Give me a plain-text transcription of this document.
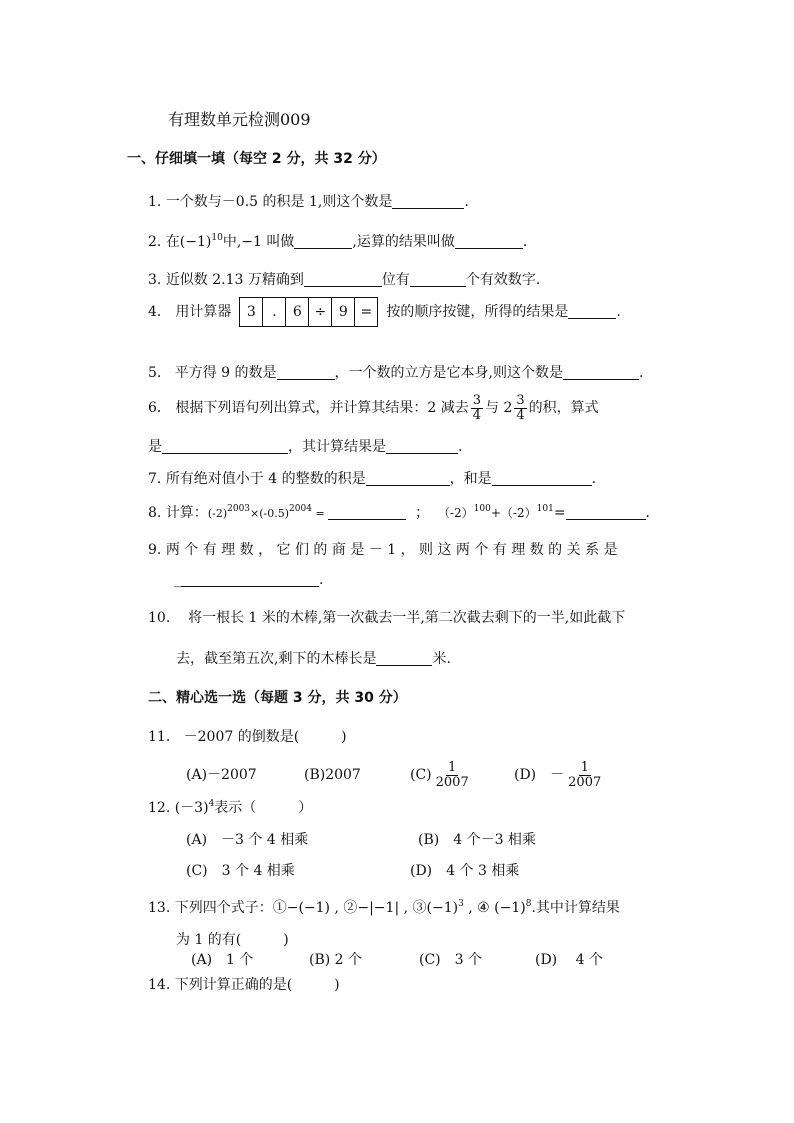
有理数单元检测009
一、仔细填一填（每空 2 分，共 32 分）
1. 一个数与－0.5 的积是 1,则这个数是	.
2. 在$(-1)^{10}$中,−1 叫做	,运算的结果叫做	.
3. 近似数 2.13 万精确到	位有	个有效数字.
4． 用计算器	3	.	6 ÷ 9 =	按的顺序按键，所得的结果是	.
5. 平方得 9 的数是	，一个数的立方是它本身,则这个数是	.
6． 根据下列语句列出算式，并计算其结果：2 减去 $\frac{3}{4}$ 与 $2 \frac{3}{4}$ 的积，算式
是	，其计算结果是	.
7. 所有绝对值小于 4 的整数的积是	，和是	.
8. 计算：$(-2)^{2003}\times(-0.5)^{2004}$ =	； $(-2)^{100}+(-2)^{101}=$	.
9. 两 个 有 理 数 ， 它 们 的 商 是 － 1 ， 则 这 两 个 有 理 数 的 关 系 是
_	.
10. 将一根长 1 米的木棒,第一次截去一半,第二次截去剩下的一半,如此截下
去，截至第五次,剩下的木棒长是	米.
二、精心选一选（每题 3 分，共 30 分）
11. －2007 的倒数是(　　　)
(A)－2007	(B)2007	$(C) \frac{1}{2007}$	(D)　－ $\frac{1}{2007}$
12. $(-3)^4$表示（　　　）
(A)　－3 个 4 相乘	(B)　4 个－3 相乘
(C)　3 个 4 相乘	(D)　4 个 3 相乘
13. 下列四个式子：①−(−1) , ②−|−1| , $③(-1)^3$ , ④ $(-1)^8$.其中计算结果
为 1 的有(　　　)
(A)　1 个	(B) 2 个	(C)　3 个	(D)　 4 个
14. 下列计算正确的是(　　　)
